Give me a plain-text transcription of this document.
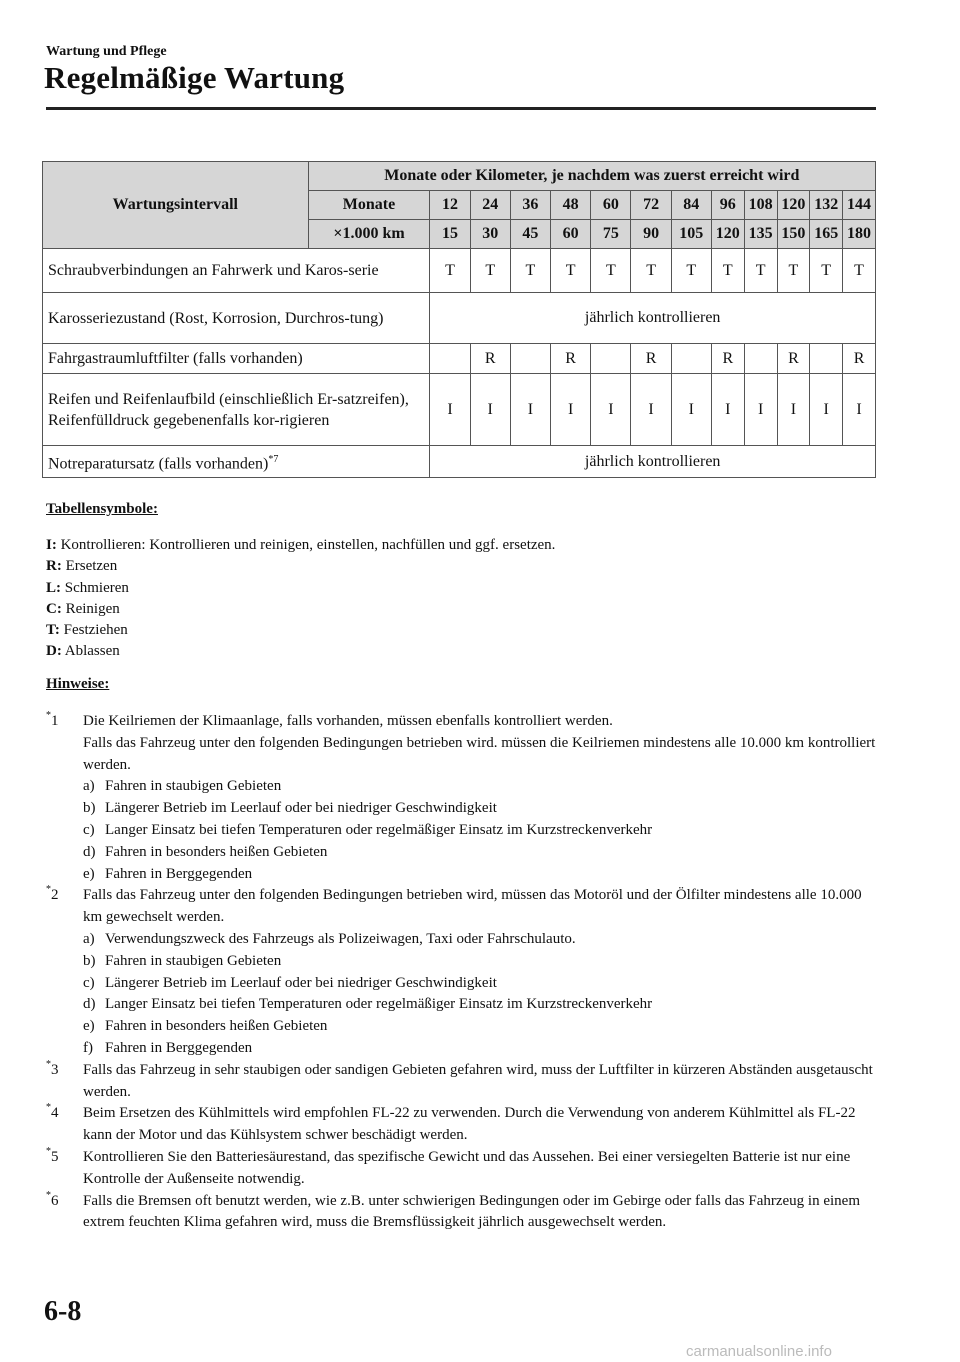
Wartung und Pflege
Regelmäßige Wartung
Wartungsintervall	Monate oder Kilometer, je nachdem was zuerst erreicht wird												
	Monate	12	24	36	48	60	72	84	96	108	120	132	144
	×1.000 km	15	30	45	60	75	90	105	120	135	150	165	180
Schraubverbindungen an Fahrwerk und Karos-serie		T	T	T	T	T	T	T	T	T	T	T	T
Karosseriezustand (Rost, Korrosion, Durchros-tung)		jährlich kontrollieren											
Fahrgastraumluftfilter (falls vorhanden)			R		R		R		R		R		R
Reifen und Reifenlaufbild (einschließlich Er-satzreifen), Reifenfülldruck gegebenenfalls kor-rigieren		I	I	I	I	I	I	I	I	I	I	I	I
Notreparatursatz (falls vorhanden)$^{*7}$		jährlich kontrollieren											
Tabellensymbole:
I: Kontrollieren: Kontrollieren und reinigen, einstellen, nachfüllen und ggf. ersetzen.
R: Ersetzen
L: Schmieren
C: Reinigen
T: Festziehen
D: Ablassen
Hinweise:
*1 Die Keilriemen der Klimaanlage, falls vorhanden, müssen ebenfalls kontrolliert werden.
Falls das Fahrzeug unter den folgenden Bedingungen betrieben wird. müssen die Keilriemen mindestens alle 10.000 km kontrolliert werden.
a) Fahren in staubigen Gebieten
b) Längerer Betrieb im Leerlauf oder bei niedriger Geschwindigkeit
c) Langer Einsatz bei tiefen Temperaturen oder regelmäßiger Einsatz im Kurzstreckenverkehr
d) Fahren in besonders heißen Gebieten
e) Fahren in Berggegenden
*2 Falls das Fahrzeug unter den folgenden Bedingungen betrieben wird, müssen das Motoröl und der Ölfilter mindestens alle 10.000 km gewechselt werden.
a) Verwendungszweck des Fahrzeugs als Polizeiwagen, Taxi oder Fahrschulauto.
b) Fahren in staubigen Gebieten
c) Längerer Betrieb im Leerlauf oder bei niedriger Geschwindigkeit
d) Langer Einsatz bei tiefen Temperaturen oder regelmäßiger Einsatz im Kurzstreckenverkehr
e) Fahren in besonders heißen Gebieten
f) Fahren in Berggegenden
*3 Falls das Fahrzeug in sehr staubigen oder sandigen Gebieten gefahren wird, muss der Luftfilter in kürzeren Abständen ausgetauscht werden.
*4 Beim Ersetzen des Kühlmittels wird empfohlen FL-22 zu verwenden. Durch die Verwendung von anderem Kühlmittel als FL-22 kann der Motor und das Kühlsystem schwer beschädigt werden.
*5 Kontrollieren Sie den Batteriesäurestand, das spezifische Gewicht und das Aussehen. Bei einer versiegelten Batterie ist nur eine Kontrolle der Außenseite notwendig.
*6 Falls die Bremsen oft benutzt werden, wie z.B. unter schwierigen Bedingungen oder im Gebirge oder falls das Fahrzeug in einem extrem feuchten Klima gefahren wird, muss die Bremsflüssigkeit jährlich ausgewechselt werden.
6-8
carmanualsonline.info
